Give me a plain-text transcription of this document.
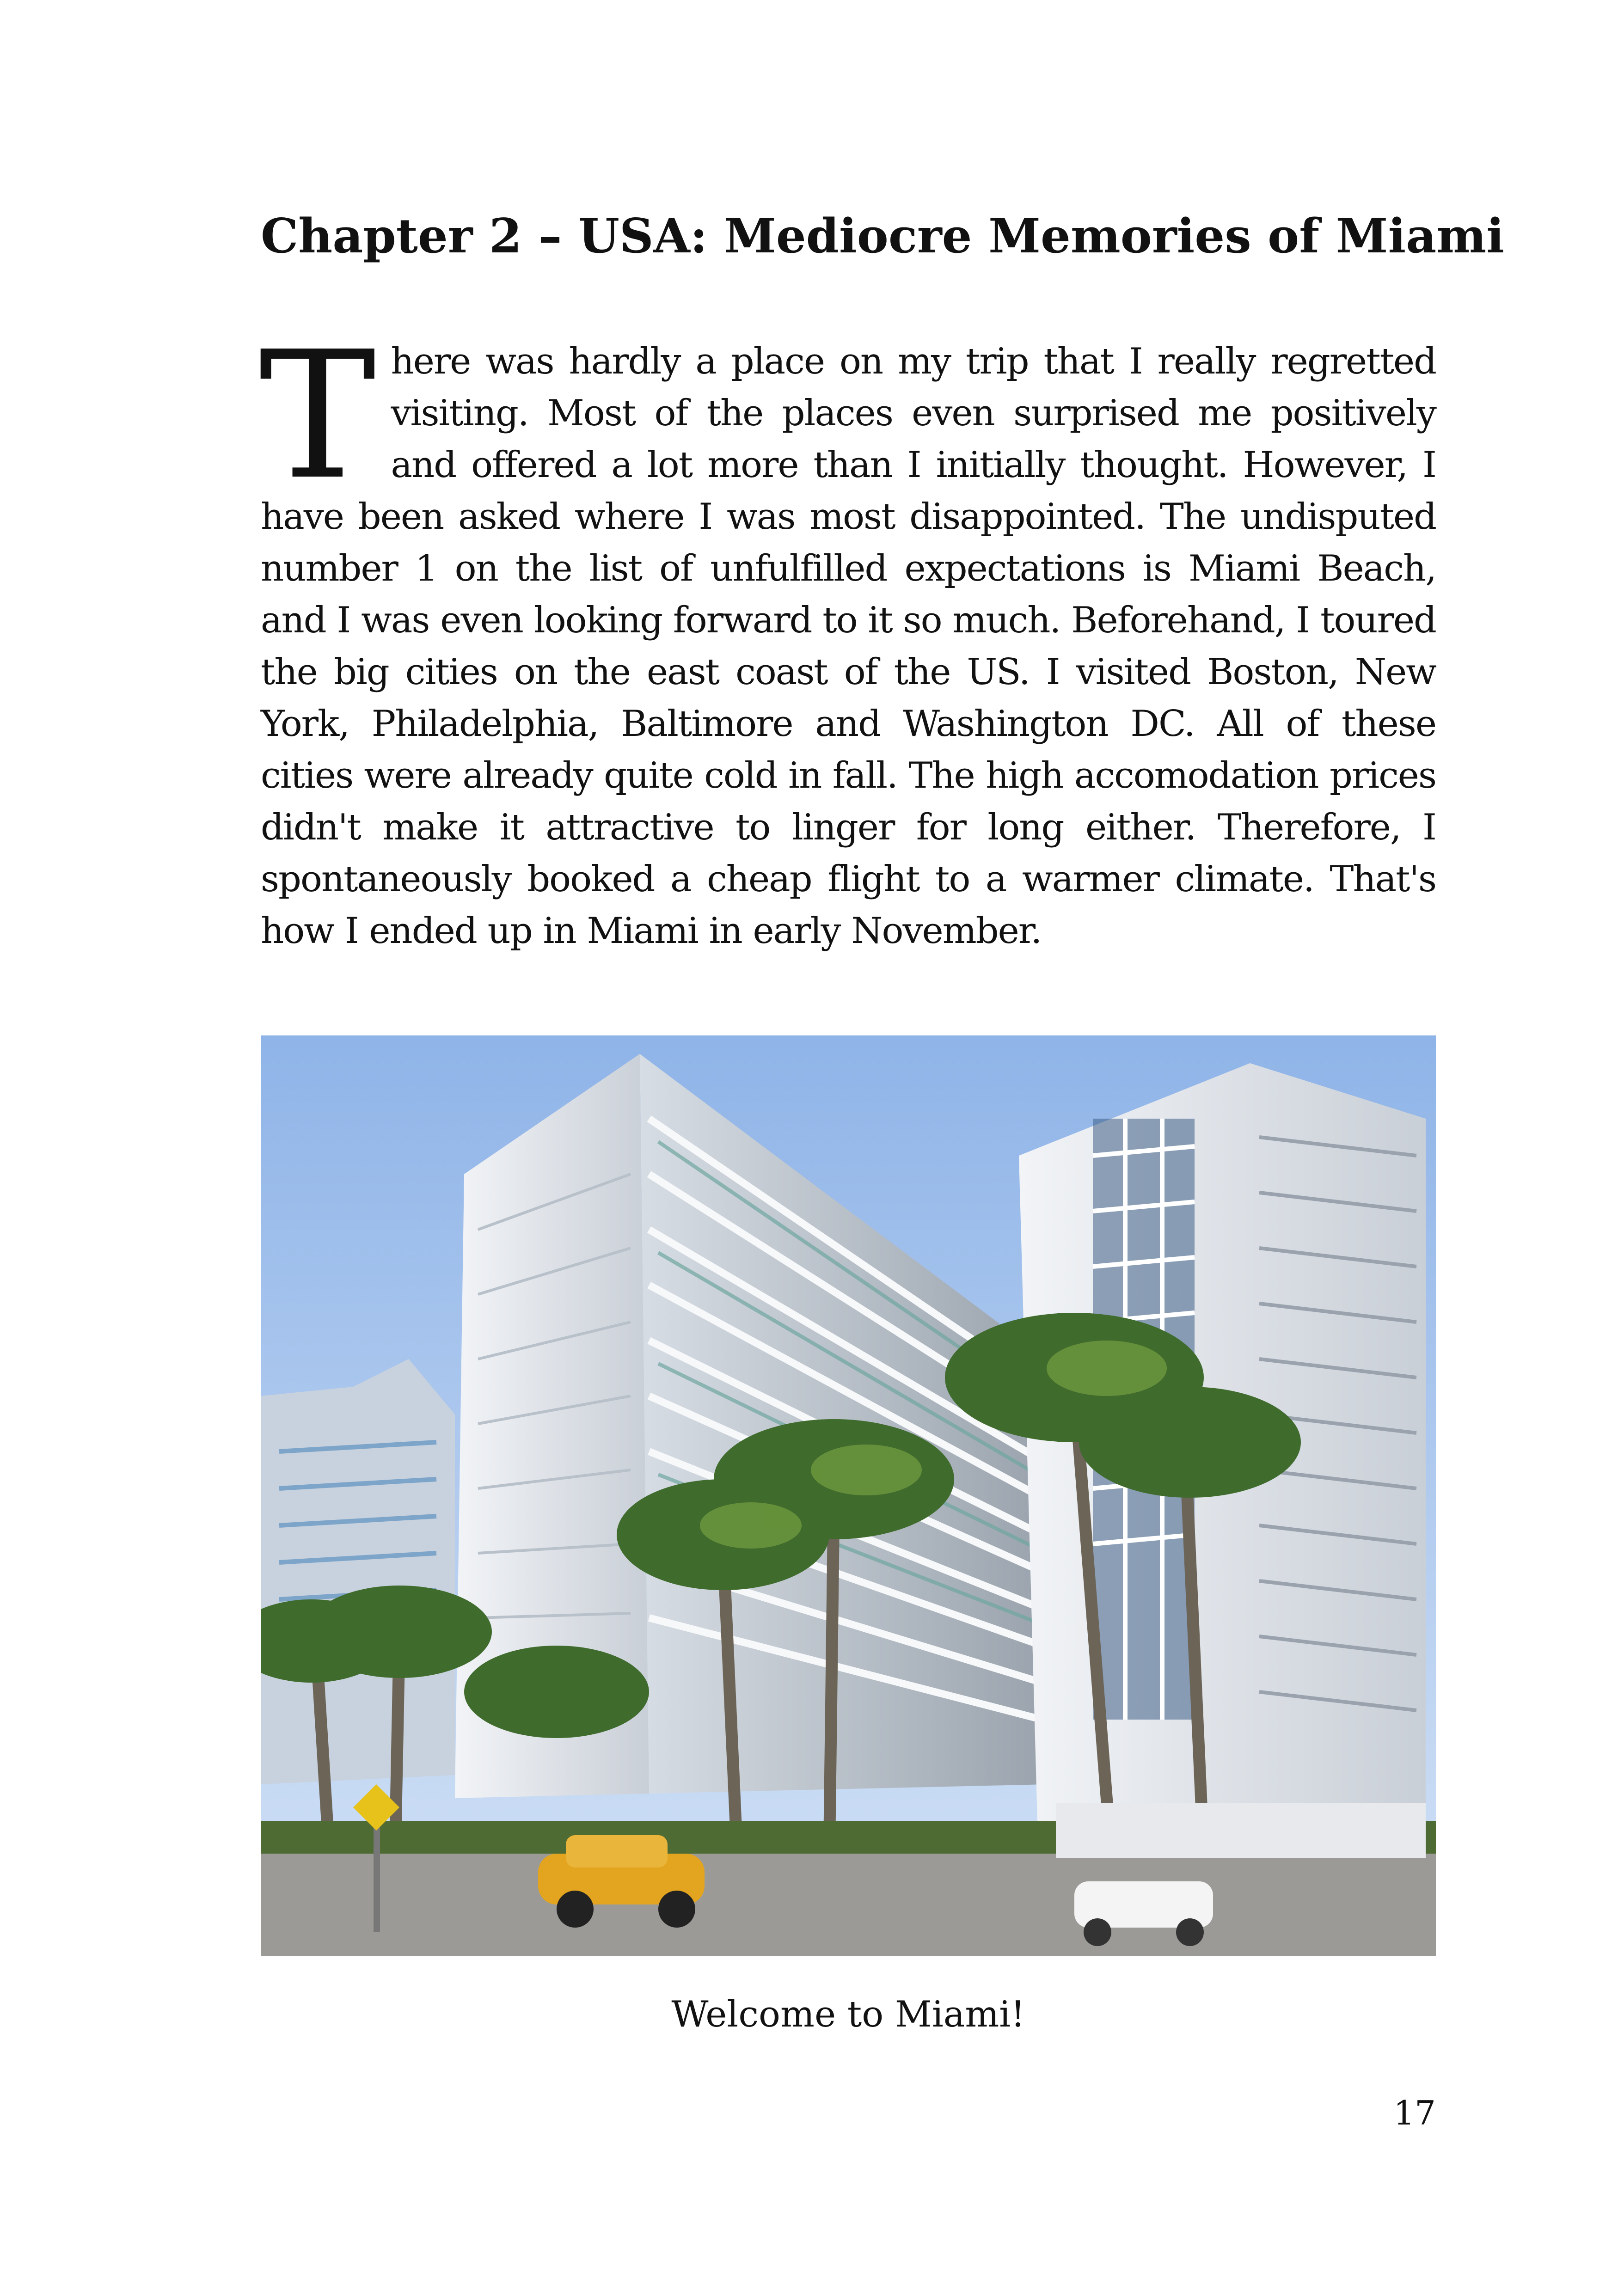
Chapter 2 – USA: Mediocre Memories of Miami

There was hardly a place on my trip that I really regretted visiting. Most of the places even surprised me positively and offered a lot more than I initially thought. However, I have been asked where I was most disappointed. The undisputed number 1 on the list of unfulfilled expectations is Miami Beach, and I was even looking forward to it so much. Beforehand, I toured the big cities on the east coast of the US. I visited Boston, New York, Philadelphia, Baltimore and Washington DC. All of these cities were already quite cold in fall. The high accomodation prices didn't make it attractive to linger for long either. Therefore, I spontaneously booked a cheap flight to a warmer climate. That's how I ended up in Miami in early November.

Welcome to Miami!

17
